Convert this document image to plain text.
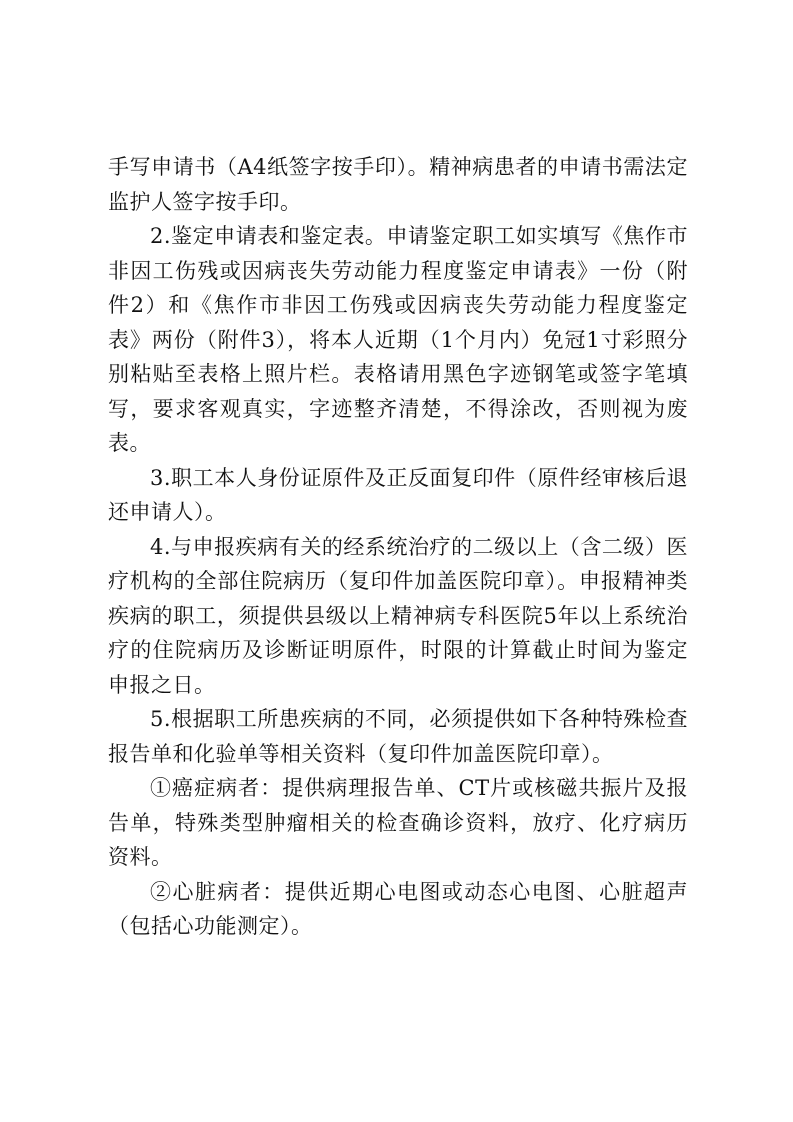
手写申请书（A4纸签字按手印）。精神病患者的申请书需法定监护人签字按手印。

2.鉴定申请表和鉴定表。申请鉴定职工如实填写《焦作市非因工伤残或因病丧失劳动能力程度鉴定申请表》一份（附件2）和《焦作市非因工伤残或因病丧失劳动能力程度鉴定表》两份（附件3），将本人近期（1个月内）免冠1寸彩照分别粘贴至表格上照片栏。表格请用黑色字迹钢笔或签字笔填写，要求客观真实，字迹整齐清楚，不得涂改，否则视为废表。

3.职工本人身份证原件及正反面复印件（原件经审核后退还申请人）。

4.与申报疾病有关的经系统治疗的二级以上（含二级）医疗机构的全部住院病历（复印件加盖医院印章）。申报精神类疾病的职工，须提供县级以上精神病专科医院5年以上系统治疗的住院病历及诊断证明原件，时限的计算截止时间为鉴定申报之日。

5.根据职工所患疾病的不同，必须提供如下各种特殊检查报告单和化验单等相关资料（复印件加盖医院印章）。

①癌症病者：提供病理报告单、CT片或核磁共振片及报告单，特殊类型肿瘤相关的检查确诊资料，放疗、化疗病历资料。

②心脏病者：提供近期心电图或动态心电图、心脏超声（包括心功能测定）。
